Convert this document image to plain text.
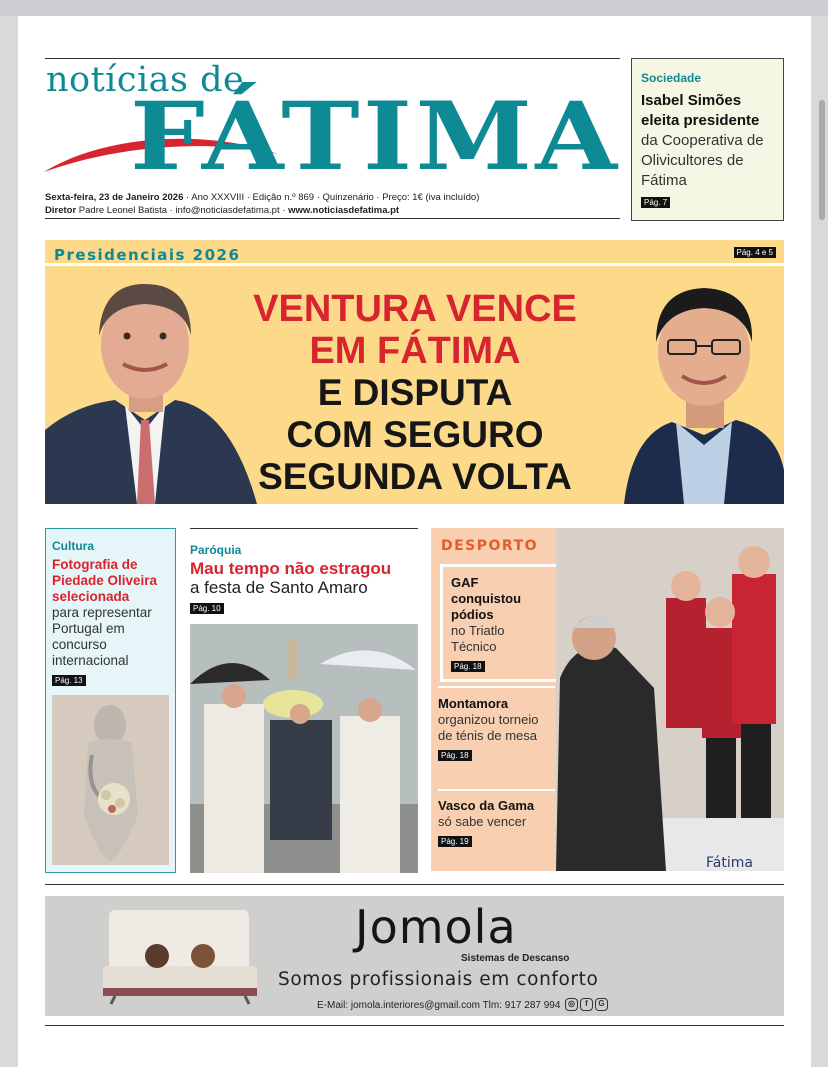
notícias de
FÁTIMA
Sexta-feira, 23 de Janeiro 2026 · Ano XXXVIII · Edição n.º 869 · Quinzenário · Preço: 1€ (iva incluído)
Diretor Padre Leonel Batista · info@noticiasdefatima.pt · www.noticiasdefatima.pt
Sociedade
Isabel Simões eleita presidente
da Cooperativa de Olivicultores de Fátima
Pág. 7
Presidenciais 2026	Pág. 4 e 5
VENTURA VENCE
EM FÁTIMA
E DISPUTA
COM SEGURO
SEGUNDA VOLTA
Cultura
Fotografia de Piedade Oliveira selecionada
para representar Portugal em concurso internacional
Pág. 13
Paróquia
Mau tempo não estragou
a festa de Santo Amaro
Pág. 10
DESPORTO
GAF conquistou pódios
no Triatlo Técnico
Pág. 18
Montamora
organizou torneio de ténis de mesa
Pág. 18
Vasco da Gama
só sabe vencer
Pág. 19
Fátima
Jomola
Sistemas de Descanso
Somos profissionais em conforto
E-Mail: jomola.interiores@gmail.com Tlm: 917 287 994 ◎	f	G
